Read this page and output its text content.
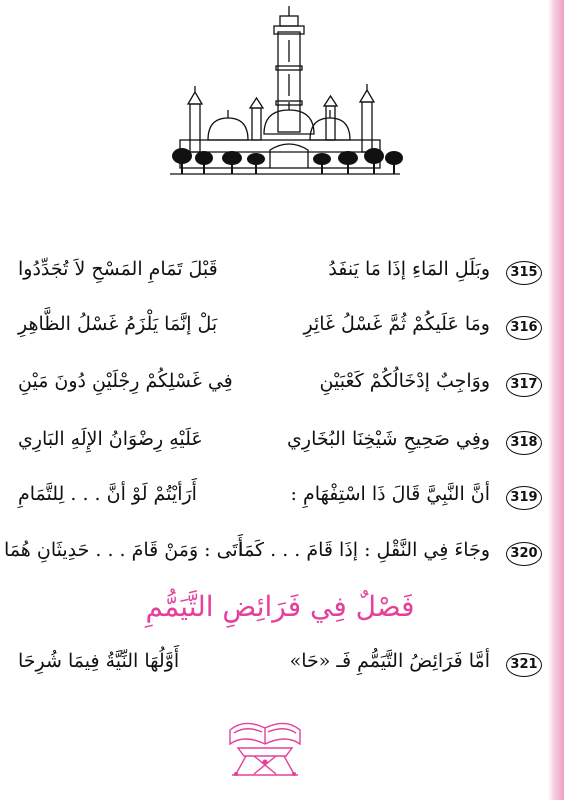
315
وبَلَلِ المَاءِ إذَا مَا يَنفَدُ
قَبْلَ تَمَامِ المَسْحِ لاَ تُجَدِّدُوا
316
ومَا عَلَيكُمْ ثُمَّ غَسْلُ غَائِرِ
بَلْ إنَّمَا يَلْزَمُ غَسْلُ الظَّاهِرِ
317
ووَاجِبٌ إدْخَالُكُمْ كَعْبَيْنِ
فِي غَسْلِكُمْ رِجْلَيْنِ دُونَ مَيْنِ
318
وفِي صَحِيحِ شَيْخِنَا البُخَارِي
عَلَيْهِ رِضْوَانُ الإِلَهِ البَارِي
319
أنَّ النَّبِيَّ قَالَ ذَا اسْتِفْهَامِ :
أَرَأيْتُمْ لَوْ أنَّ . . . لِلتَّمَامِ
320
وجَاءَ فِي النَّقْلِ : إذَا قَامَ . . . كَمَا
أَتَى : وَمَنْ قَامَ . . . حَدِيثَانِ هُمَا
فَصْلٌ فِي فَرَائِضِ التَّيَمُّمِ
321
أمَّا فَرَائِضُ التَّيَمُّمِ فَـ «حَا»
أَوَّلُهَا النِّيَّةُ فِيمَا شُرِحَا
